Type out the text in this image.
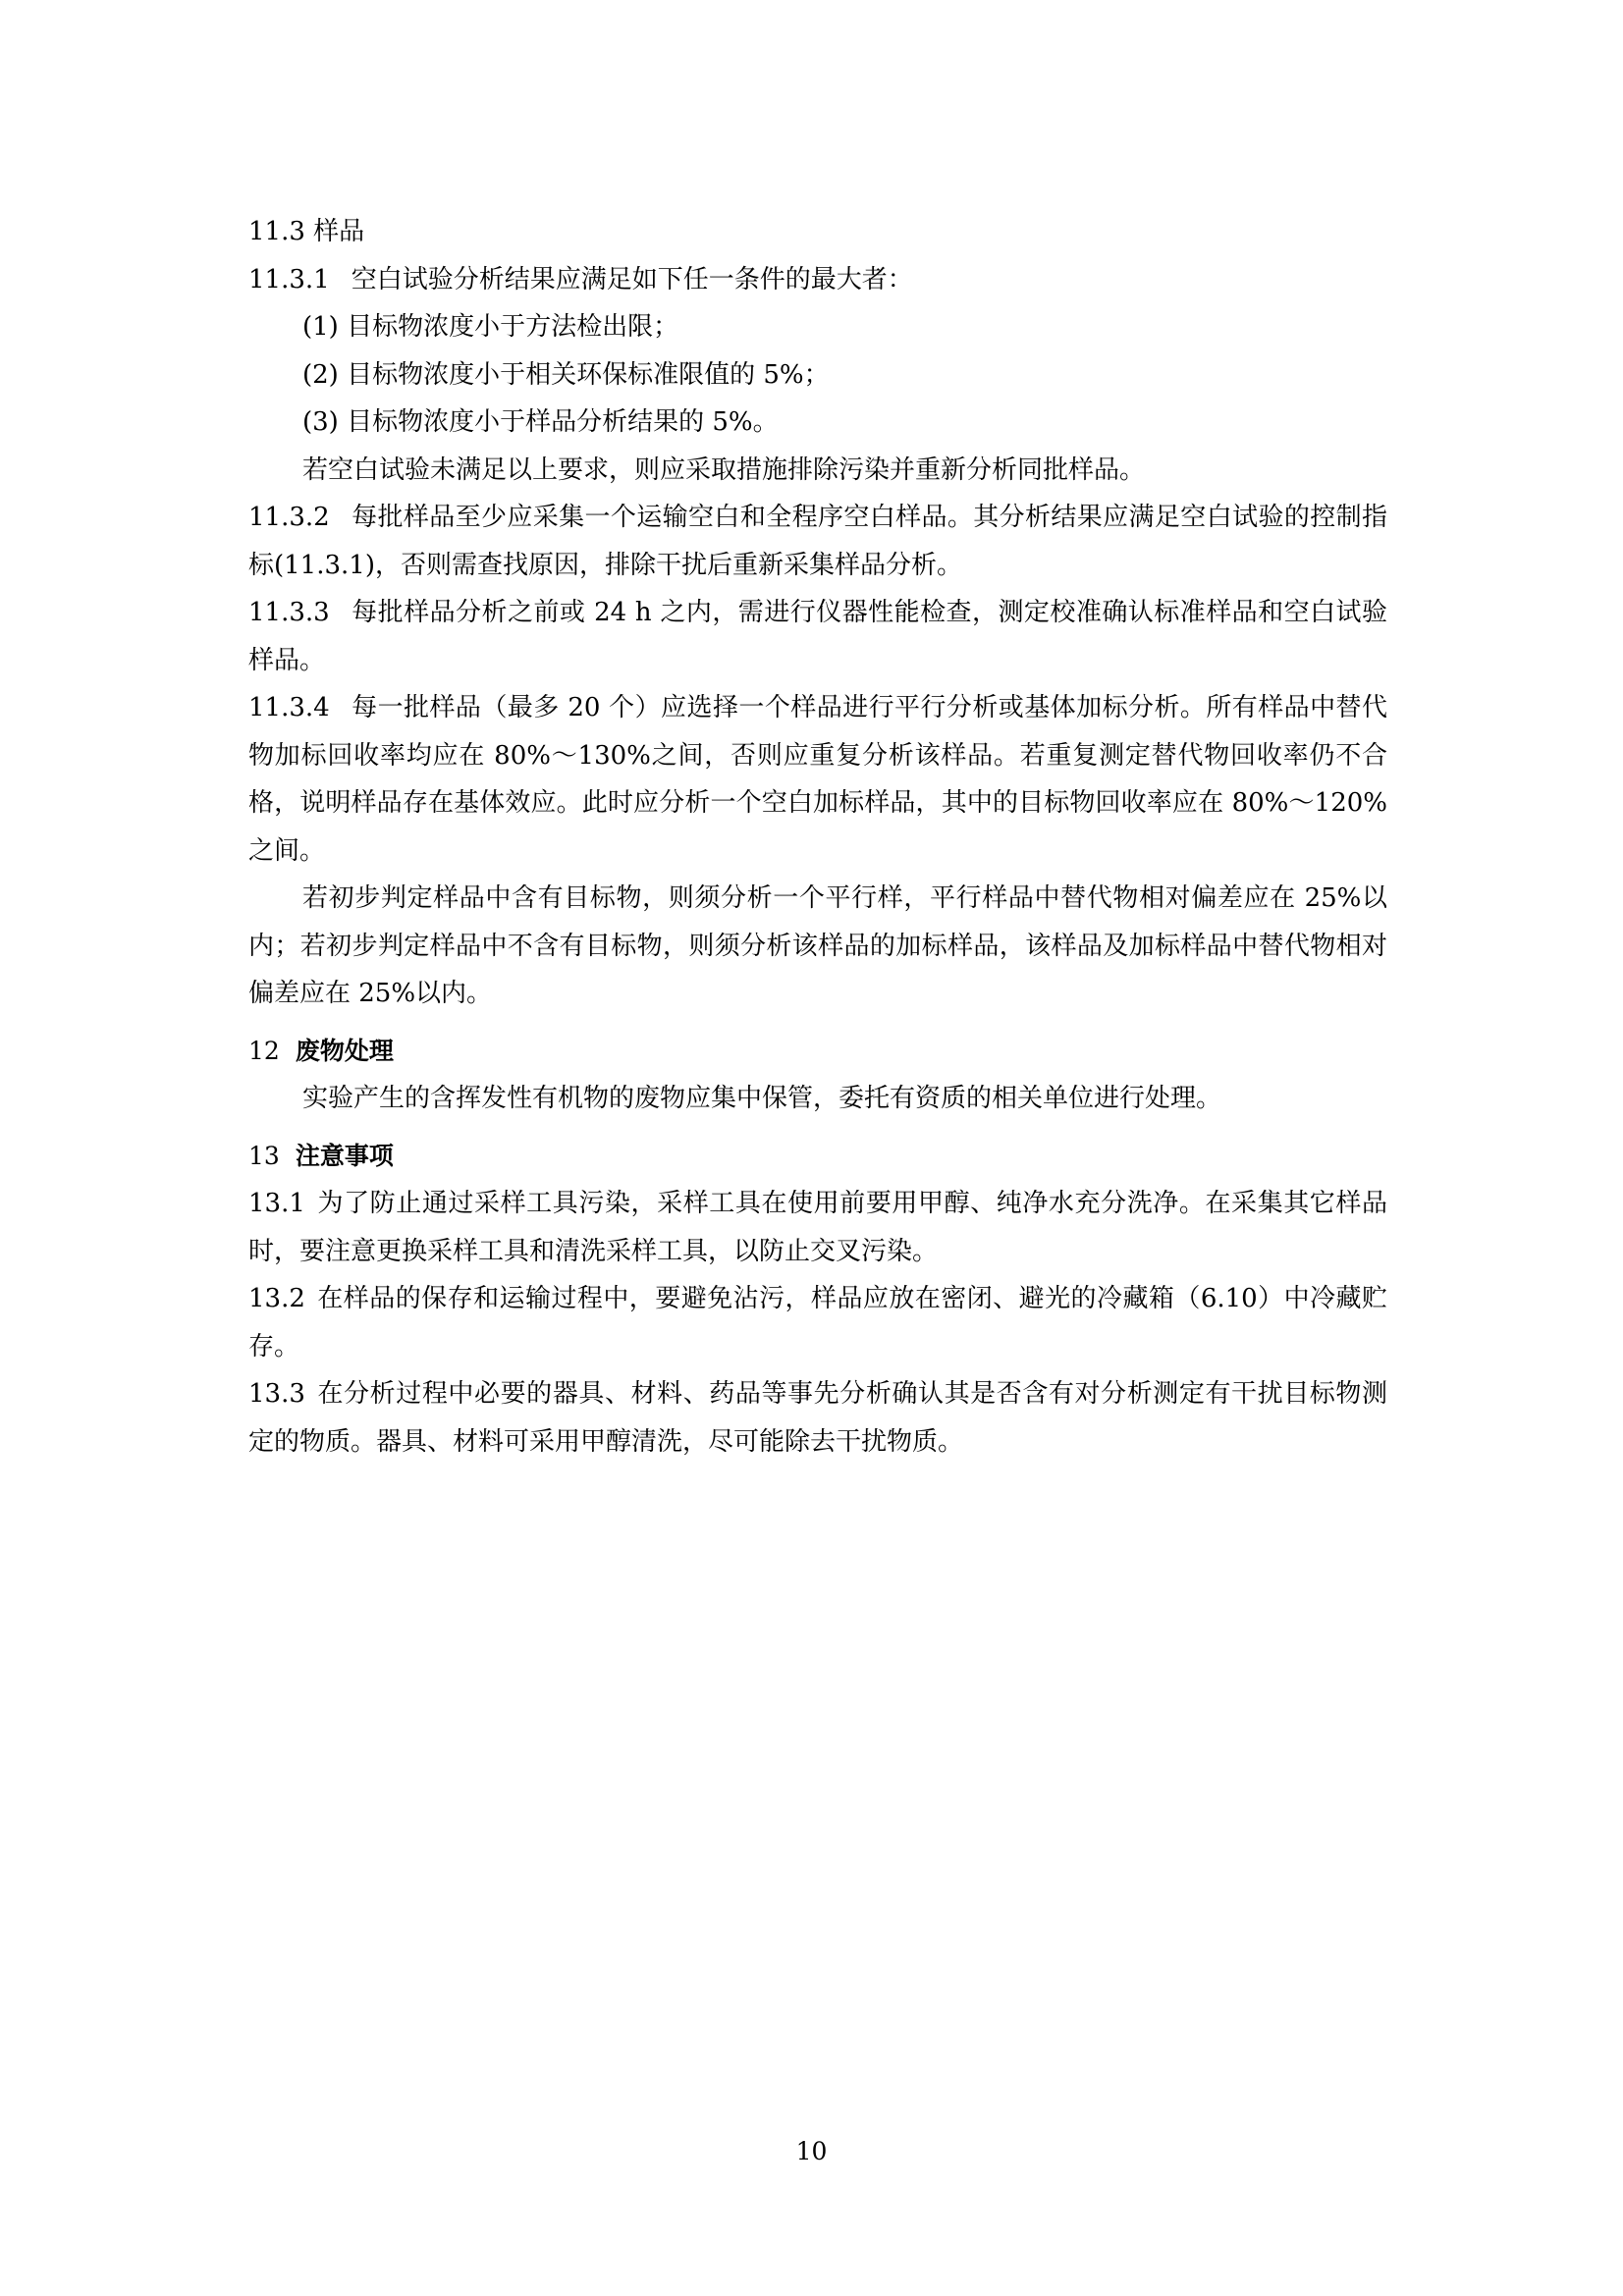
11.3 样品

11.3.1 空白试验分析结果应满足如下任一条件的最大者：

(1) 目标物浓度小于方法检出限；

(2) 目标物浓度小于相关环保标准限值的 5%；

(3) 目标物浓度小于样品分析结果的 5%。

若空白试验未满足以上要求，则应采取措施排除污染并重新分析同批样品。

11.3.2 每批样品至少应采集一个运输空白和全程序空白样品。其分析结果应满足空白试验的控制指标(11.3.1)，否则需查找原因，排除干扰后重新采集样品分析。

11.3.3 每批样品分析之前或 24 h 之内，需进行仪器性能检查，测定校准确认标准样品和空白试验样品。

11.3.4 每一批样品（最多 20 个）应选择一个样品进行平行分析或基体加标分析。所有样品中替代物加标回收率均应在 80%～130%之间，否则应重复分析该样品。若重复测定替代物回收率仍不合格，说明样品存在基体效应。此时应分析一个空白加标样品，其中的目标物回收率应在 80%～120%之间。

若初步判定样品中含有目标物，则须分析一个平行样，平行样品中替代物相对偏差应在 25%以内；若初步判定样品中不含有目标物，则须分析该样品的加标样品，该样品及加标样品中替代物相对偏差应在 25%以内。

12 废物处理

实验产生的含挥发性有机物的废物应集中保管，委托有资质的相关单位进行处理。

13 注意事项

13.1 为了防止通过采样工具污染，采样工具在使用前要用甲醇、纯净水充分洗净。在采集其它样品时，要注意更换采样工具和清洗采样工具，以防止交叉污染。

13.2 在样品的保存和运输过程中，要避免沾污，样品应放在密闭、避光的冷藏箱（6.10）中冷藏贮存。

13.3 在分析过程中必要的器具、材料、药品等事先分析确认其是否含有对分析测定有干扰目标物测定的物质。器具、材料可采用甲醇清洗，尽可能除去干扰物质。

10
